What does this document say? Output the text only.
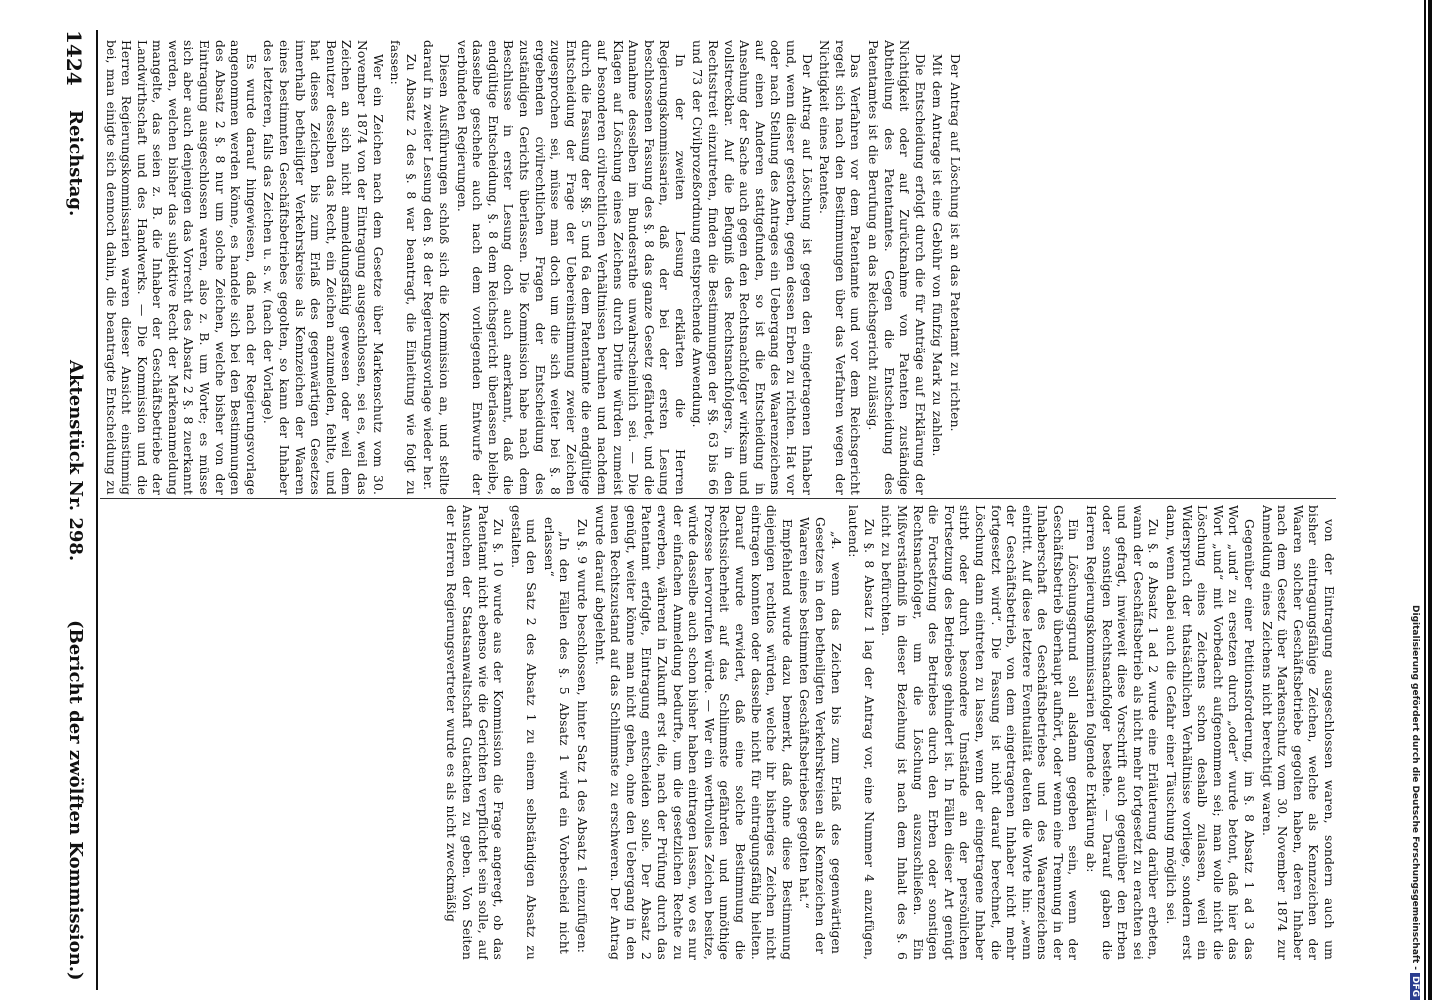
Digitalisierung gefördert durch die Deutsche Forschungsgemeinschaft -DFG
1424
Reichstag.
Aktenstück Nr. 298.
(Bericht der zwölften Kommission.)

Der Antrag auf Löschung ist an das Patentamt zu richten.

Mit dem Antrage ist eine Gebühr von fünfzig Mark zu zahlen.

Die Entscheidung erfolgt durch die für Anträge auf Erklärung der Nichtigkeit oder auf Zurücknahme von Patenten zuständige Abtheilung des Patentamtes. Gegen die Entscheidung des Patentamtes ist die Berufung an das Reichsgericht zulässig.

Das Verfahren vor dem Patentamte und vor dem Reichsgericht regelt sich nach den Bestimmungen über das Verfahren wegen der Nichtigkeit eines Patentes.

Der Antrag auf Löschung ist gegen den eingetragenen Inhaber und, wenn dieser gestorben, gegen dessen Erben zu richten. Hat vor oder nach Stellung des Antrages ein Uebergang des Waarenzeichens auf einen Anderen stattgefunden, so ist die Entscheidung in Ansehung der Sache auch gegen den Rechtsnachfolger wirksam und vollstreckbar. Auf die Befugniß des Rechtsnachfolgers, in den Rechtsstreit einzutreten, finden die Bestimmungen der §§. 63 bis 66 und 73 der Civilprozeßordnung entsprechende Anwendung.

In der zweiten Lesung erklärten die Herren Regierungskommissarien, daß der bei der ersten Lesung beschlossenen Fassung des §. 8 das ganze Gesetz gefährdet, und die Annahme desselben im Bundesrathe unwahrscheinlich sei. — Die Klagen auf Löschung eines Zeichens durch Dritte würden zumeist auf besonderen civilrechtlichen Verhältnissen beruhen und nachdem durch die Fassung der §§. 5 und 6a dem Patentamte die endgültige Entscheidung der Frage der Uebereinstimmung zweier Zeichen zugesprochen sei, müsse man doch um die sich weiter bei §. 8 ergebenden civilrechtlichen Fragen der Entscheidung des zuständigen Gerichts überlassen. Die Kommission habe nach dem Beschlusse in erster Lesung doch auch anerkannt, daß die endgültige Entscheidung, §. 8 dem Reichsgericht überlassen bleibe, dasselbe geschehe auch nach dem vorliegenden Entwurfe der verbündeten Regierungen.

Diesen Ausführungen schloß sich die Kommission an, und stellte darauf in zweiter Lesung den §. 8 der Regierungsvorlage wieder her.

Zu Absatz 2 des §. 8 war beantragt, die Einleitung wie folgt zu fassen:

Wer ein Zeichen nach dem Gesetze über Markenschutz vom 30. November 1874 von der Eintragung ausgeschlossen, sei es, weil das Zeichen an sich nicht anmeldungsfähig gewesen oder weil dem Benutzer desselben das Recht, ein Zeichen anzumelden, fehlte, und hat dieses Zeichen bis zum Erlaß des gegenwärtigen Gesetzes innerhalb betheiligter Verkehrskreise als Kennzeichen der Waaren eines bestimmten Geschäftsbetriebes gegolten, so kann der Inhaber des letzteren, falls das Zeichen u. s. w. (nach der Vorlage).

Es wurde darauf hingewiesen, daß nach der Regierungsvorlage angenommen werden könne, es handele sich bei den Bestimmungen des Absatz 2 §. 8 nur um solche Zeichen, welche bisher von der Eintragung ausgeschlossen waren, also z. B. um Worte; es müsse sich aber auch denjenigen das Vorrecht des Absatz 2 §. 8 zuerkannt werden, welchen bisher das subjektive Recht der Markenanmeldung mangelte, das seien z. B. die Inhaber der Geschäftsbetriebe der Landwirthschaft und des Handwerks. — Die Kommission und die Herren Regierungskommissarien waren dieser Ansicht einstimmig bei, man einigte sich dennoch dahin, die beantragte Entscheidung zu

von der Eintragung ausgeschlossen waren, sondern auch um bisher eintragungsfähige Zeichen, welche als Kennzeichen der Waaren solcher Geschäftsbetriebe gegolten haben, deren Inhaber nach dem Gesetz über Markenschutz vom 30. November 1874 zur Anmeldung eines Zeichens nicht berechtigt waren.

Gegenüber einer Petitionsforderung, im §. 8 Absatz 1 ad 3 das Wort „und“ zu ersetzen durch „oder“ wurde betont, daß hier das Wort „und“ mit Vorbedacht aufgenommen sei; man wolle nicht die Löschung eines Zeichens schon deshalb zulassen, weil ein Widerspruch der thatsächlichen Verhältnisse vorliege, sondern erst dann, wenn dabei auch die Gefahr einer Täuschung möglich sei.

Zu §. 8 Absatz 1 ad 2 wurde eine Erläuterung darüber erbeten, wann der Geschäftsbetrieb als nicht mehr fortgesetzt zu erachten sei und gefragt, inwieweit diese Vorschrift auch gegenüber den Erben oder sonstigen Rechtsnachfolger bestehe. — Darauf gaben die Herren Regierungskommissarien folgende Erklärung ab:

Ein Löschungsgrund soll alsdann gegeben sein, wenn der Geschäftsbetrieb überhaupt aufhört, oder wenn eine Trennung in der Inhaberschaft des Geschäftsbetriebes und des Waarenzeichens eintritt. Auf diese letztere Eventualität deuten die Worte hin: „wenn der Geschäftsbetrieb, von dem eingetragenen Inhaber nicht mehr fortgesetzt wird“. Die Fassung ist nicht darauf berechnet, die Löschung dann eintreten zu lassen, wenn der eingetragene Inhaber stirbt oder durch besondere Umstände an der persönlichen Fortsetzung des Betriebes gehindert ist. In Fällen dieser Art genügt die Fortsetzung des Betriebes durch den Erben oder sonstigen Rechtsnachfolger, um die Löschung auszuschließen. Ein Mißverständniß in dieser Beziehung ist nach dem Inhalt des §. 6 nicht zu befürchten.

Zu §. 8 Absatz 1 lag der Antrag vor, eine Nummer 4 anzufügen, lautend:

„4. wenn das Zeichen bis zum Erlaß des gegenwärtigen Gesetzes in den betheiligten Verkehrskreisen als Kennzeichen der Waaren eines bestimmten Geschäftsbetriebes gegolten hat.“

Empfehlend wurde dazu bemerkt, daß ohne diese Bestimmung diejenigen rechtlos würden, welche ihr bisheriges Zeichen nicht eintragen konnten oder dasselbe nicht für eintragungsfähig hielten. Darauf wurde erwidert, daß eine solche Bestimmung die Rechtssicherheit auf das Schlimmste gefährden und unnöthige Prozesse hervorrufen würde. — Wer ein werthvolles Zeichen besitze, würde dasselbe auch schon bisher haben eintragen lassen, wo es nur der einfachen Anmeldung bedurfte, um die gesetzlichen Rechte zu erwerben, während in Zukunft erst die, nach der Prüfung durch das Patentamt erfolgte, Eintragung entscheiden solle. Der Absatz 2 genügt, weiter könne man nicht gehen, ohne den Uebergang in den neuen Rechtszustand auf das Schlimmste zu erschweren. Der Antrag wurde darauf abgelehnt.

Zu §. 9 wurde beschlossen, hinter Satz 1 des Absatz 1 einzufügen:

„In den Fällen des §. 5 Absatz 1 wird ein Vorbescheid nicht erlassen“

und den Satz 2 des Absatz 1 zu einem selbständigen Absatz zu gestalten.

Zu §. 10 wurde aus der Kommission die Frage angeregt, ob das Patentamt nicht ebenso wie die Gerichten verpflichtet sein solle, auf Ansuchen der Staatsanwaltschaft Gutachten zu geben. Von Seiten der Herren Regierungsvertreter wurde es als nicht zweckmäßig
